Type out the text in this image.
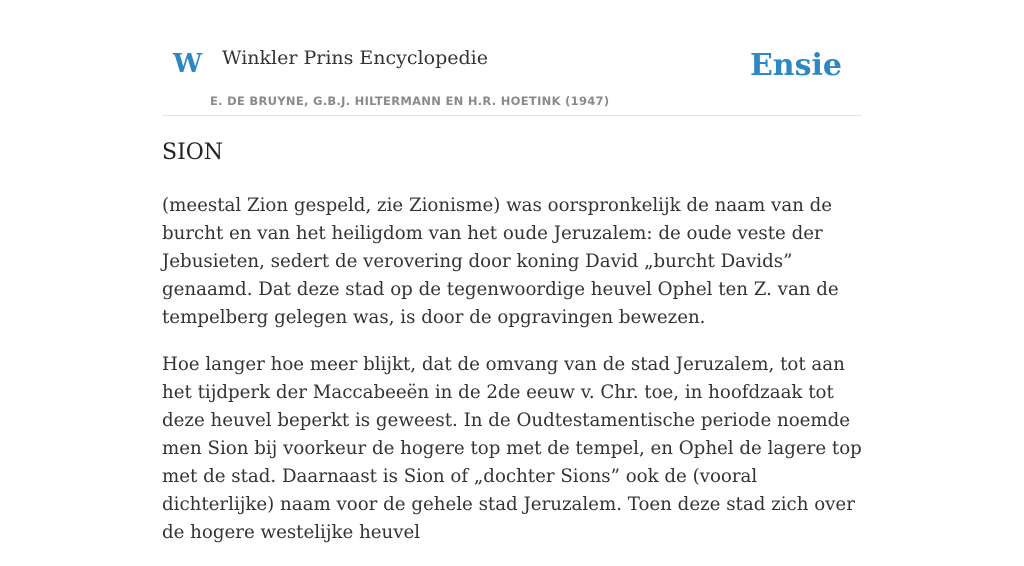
W Winkler Prins Encyclopedie
E. DE BRUYNE, G.B.J. HILTERMANN EN H.R. HOETINK (1947)
Ensie
SION

(meestal Zion gespeld, zie Zionisme) was oorspronkelijk de naam van de burcht en van het heiligdom van het oude Jeruzalem: de oude veste der Jebusieten, sedert de verovering door koning David „burcht Davids” genaamd. Dat deze stad op de tegenwoordige heuvel Ophel ten Z. van de tempelberg gelegen was, is door de opgravingen bewezen.

Hoe langer hoe meer blijkt, dat de omvang van de stad Jeruzalem, tot aan het tijdperk der Maccabeeën in de 2de eeuw v. Chr. toe, in hoofdzaak tot deze heuvel beperkt is geweest. In de Oudtestamentische periode noemde men Sion bij voorkeur de hogere top met de tempel, en Ophel de lagere top met de stad. Daarnaast is Sion of „dochter Sions” ook de (vooral dichterlijke) naam voor de gehele stad Jeruzalem. Toen deze stad zich over de hogere westelijke heuvel
